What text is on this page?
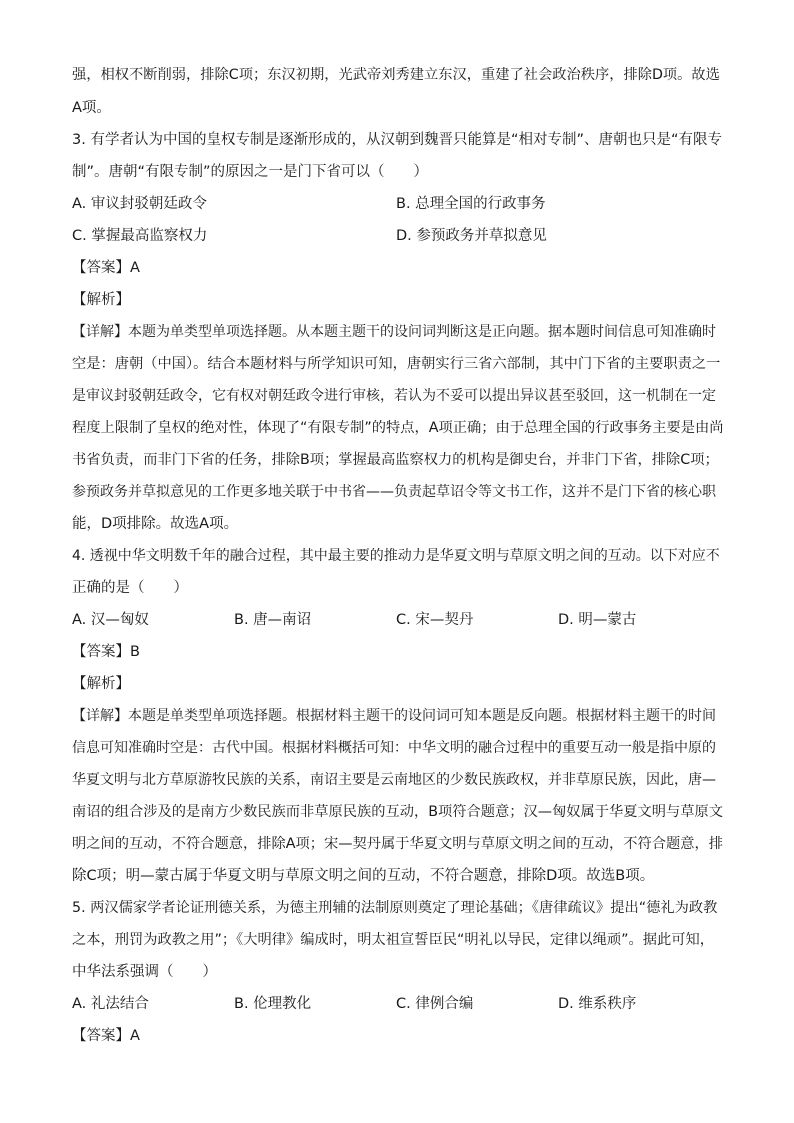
强，相权不断削弱，排除C项；东汉初期，光武帝刘秀建立东汉，重建了社会政治秩序，排除D项。故选
A项。
3. 有学者认为中国的皇权专制是逐渐形成的，从汉朝到魏晋只能算是“相对专制”、唐朝也只是“有限专
制”。唐朝“有限专制”的原因之一是门下省可以（　　）
A. 审议封驳朝廷政令	B. 总理全国的行政事务
C. 掌握最高监察权力	D. 参预政务并草拟意见
【答案】A
【解析】
【详解】本题为单类型单项选择题。从本题主题干的设问词判断这是正向题。据本题时间信息可知准确时
空是：唐朝（中国）。结合本题材料与所学知识可知，唐朝实行三省六部制，其中门下省的主要职责之一
是审议封驳朝廷政令，它有权对朝廷政令进行审核，若认为不妥可以提出异议甚至驳回，这一机制在一定
程度上限制了皇权的绝对性，体现了“有限专制”的特点，A项正确；由于总理全国的行政事务主要是由尚
书省负责，而非门下省的任务，排除B项；掌握最高监察权力的机构是御史台，并非门下省，排除C项；
参预政务并草拟意见的工作更多地关联于中书省——负责起草诏令等文书工作，这并不是门下省的核心职
能，D项排除。故选A项。
4. 透视中华文明数千年的融合过程，其中最主要的推动力是华夏文明与草原文明之间的互动。以下对应不
正确的是（　　）
A. 汉—匈奴	B. 唐—南诏	C. 宋—契丹	D. 明—蒙古
【答案】B
【解析】
【详解】本题是单类型单项选择题。根据材料主题干的设问词可知本题是反向题。根据材料主题干的时间
信息可知准确时空是：古代中国。根据材料概括可知：中华文明的融合过程中的重要互动一般是指中原的
华夏文明与北方草原游牧民族的关系，南诏主要是云南地区的少数民族政权，并非草原民族，因此，唐—
南诏的组合涉及的是南方少数民族而非草原民族的互动，B项符合题意；汉—匈奴属于华夏文明与草原文
明之间的互动，不符合题意，排除A项；宋—契丹属于华夏文明与草原文明之间的互动，不符合题意，排
除C项；明—蒙古属于华夏文明与草原文明之间的互动，不符合题意，排除D项。故选B项。
5. 两汉儒家学者论证刑德关系，为德主刑辅的法制原则奠定了理论基础；《唐律疏议》提出“德礼为政教
之本，刑罚为政教之用”；《大明律》编成时，明太祖宣誓臣民“明礼以导民，定律以绳顽”。据此可知，
中华法系强调（　　）
A. 礼法结合	B. 伦理教化	C. 律例合编	D. 维系秩序
【答案】A
